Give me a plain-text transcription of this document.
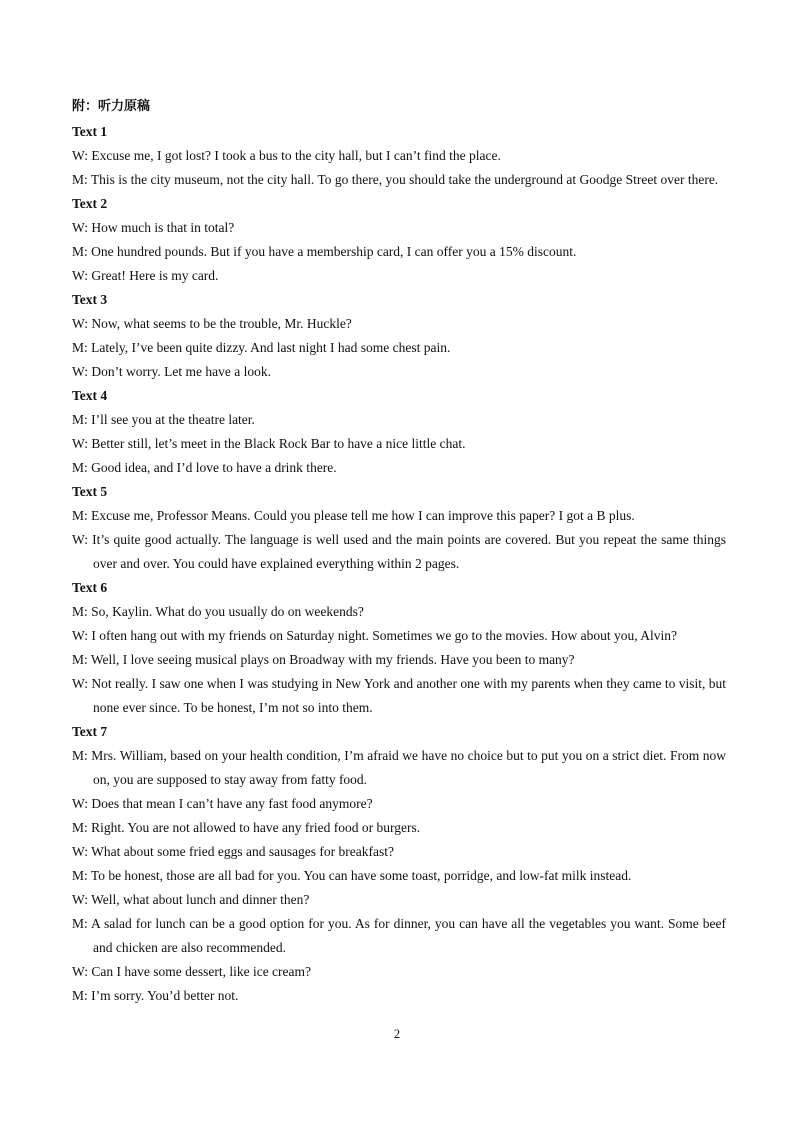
附：听力原稿
Text 1
W: Excuse me, I got lost? I took a bus to the city hall, but I can’t find the place.
M: This is the city museum, not the city hall. To go there, you should take the underground at Goodge Street over there.
Text 2
W: How much is that in total?
M: One hundred pounds. But if you have a membership card, I can offer you a 15% discount.
W: Great! Here is my card.
Text 3
W: Now, what seems to be the trouble, Mr. Huckle?
M: Lately, I’ve been quite dizzy. And last night I had some chest pain.
W: Don’t worry. Let me have a look.
Text 4
M: I’ll see you at the theatre later.
W: Better still, let’s meet in the Black Rock Bar to have a nice little chat.
M: Good idea, and I’d love to have a drink there.
Text 5
M: Excuse me, Professor Means. Could you please tell me how I can improve this paper? I got a B plus.
W: It’s quite good actually. The language is well used and the main points are covered. But you repeat the same things over and over. You could have explained everything within 2 pages.
Text 6
M: So, Kaylin. What do you usually do on weekends?
W: I often hang out with my friends on Saturday night. Sometimes we go to the movies. How about you, Alvin?
M: Well, I love seeing musical plays on Broadway with my friends. Have you been to many?
W: Not really. I saw one when I was studying in New York and another one with my parents when they came to visit, but none ever since. To be honest, I’m not so into them.
Text 7
M: Mrs. William, based on your health condition, I’m afraid we have no choice but to put you on a strict diet. From now on, you are supposed to stay away from fatty food.
W: Does that mean I can’t have any fast food anymore?
M: Right. You are not allowed to have any fried food or burgers.
W: What about some fried eggs and sausages for breakfast?
M: To be honest, those are all bad for you. You can have some toast, porridge, and low-fat milk instead.
W: Well, what about lunch and dinner then?
M: A salad for lunch can be a good option for you. As for dinner, you can have all the vegetables you want. Some beef and chicken are also recommended.
W: Can I have some dessert, like ice cream?
M: I’m sorry. You’d better not.
2
